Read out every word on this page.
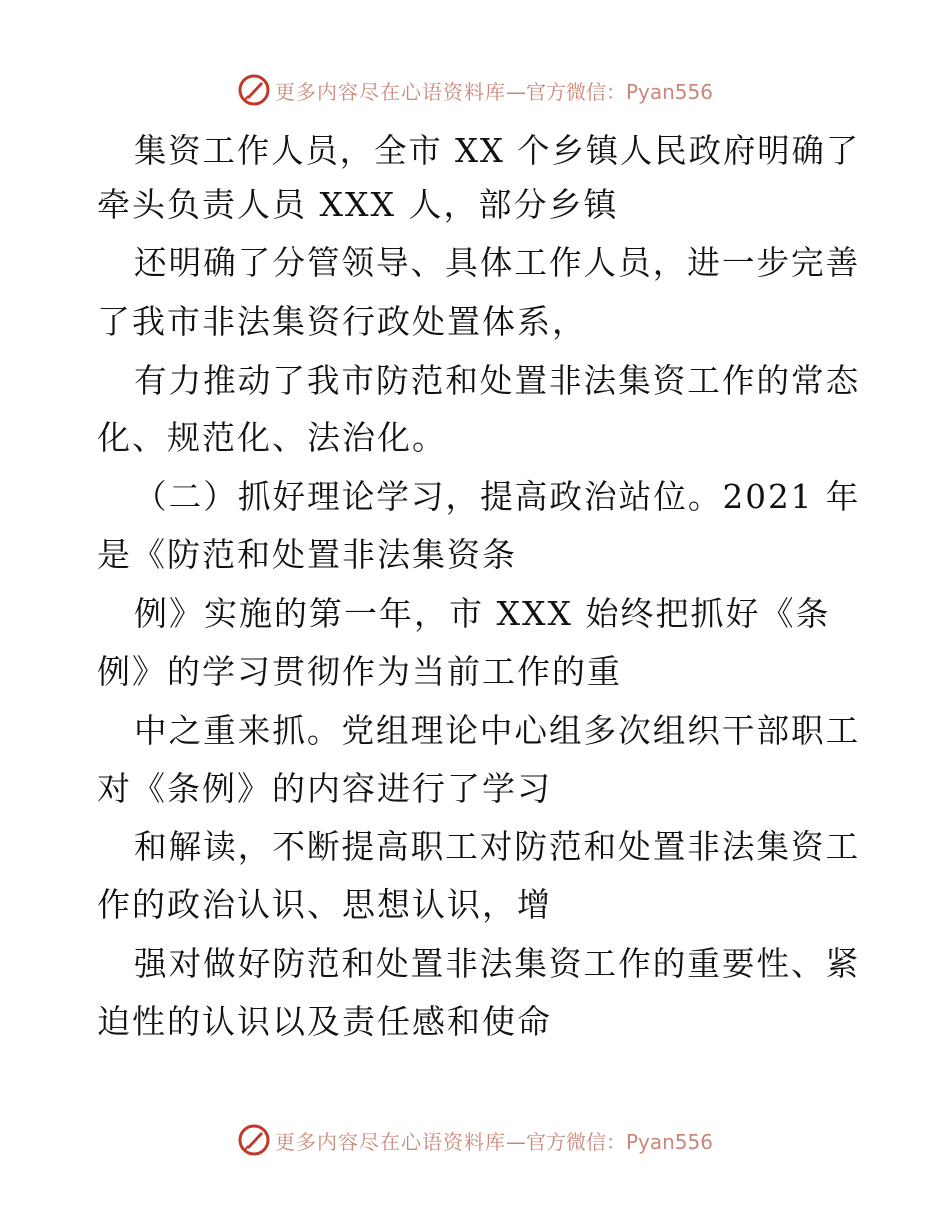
更多内容尽在心语资料库 —官方微信：Pyan556
集资工作人员，全市 XX 个乡镇人民政府明确了
牵头负责人员 XXX 人，部分乡镇
还明确了分管领导、具体工作人员，进一步完善
了我市非法集资行政处置体系，
有力推动了我市防范和处置非法集资工作的常态
化、规范化、法治化。
（二）抓好理论学习，提高政治站位。2021 年
是《防范和处置非法集资条
例》实施的第一年，市 XXX 始终把抓好《条
例》的学习贯彻作为当前工作的重
中之重来抓。党组理论中心组多次组织干部职工
对《条例》的内容进行了学习
和解读，不断提高职工对防范和处置非法集资工
作的政治认识、思想认识，增
强对做好防范和处置非法集资工作的重要性、紧
迫性的认识以及责任感和使命
更多内容尽在心语资料库 —官方微信：Pyan556
